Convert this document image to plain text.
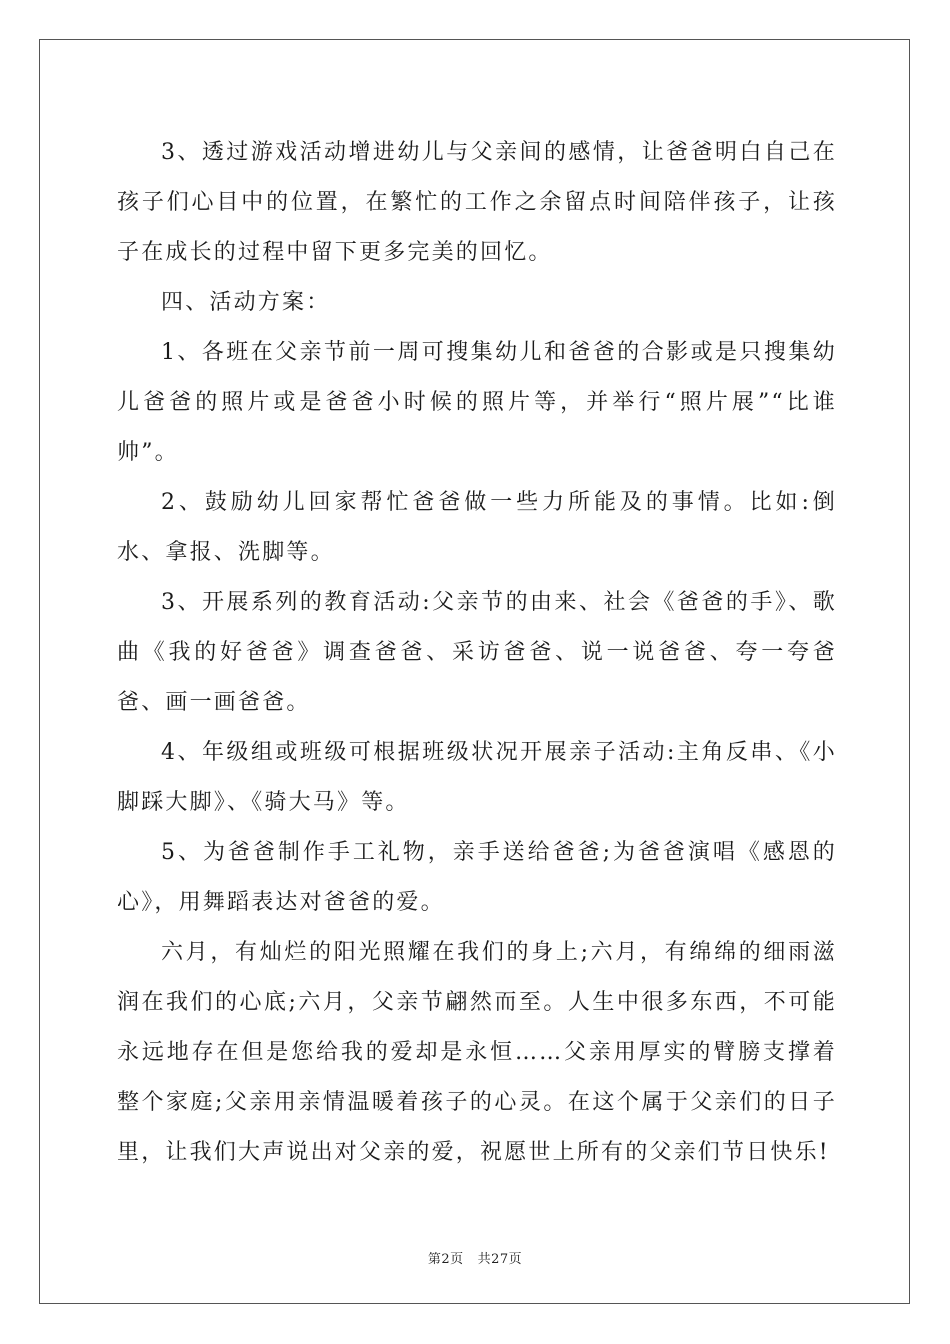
3、透过游戏活动增进幼儿与父亲间的感情，让爸爸明白自己在孩子们心目中的位置，在繁忙的工作之余留点时间陪伴孩子，让孩子在成长的过程中留下更多完美的回忆。

四、活动方案：

1、各班在父亲节前一周可搜集幼儿和爸爸的合影或是只搜集幼儿爸爸的照片或是爸爸小时候的照片等，并举行“照片展”“比谁帅”。

2、鼓励幼儿回家帮忙爸爸做一些力所能及的事情。比如:倒水、拿报、洗脚等。

3、开展系列的教育活动:父亲节的由来、社会《爸爸的手》、歌曲《我的好爸爸》调查爸爸、采访爸爸、说一说爸爸、夸一夸爸爸、画一画爸爸。

4、年级组或班级可根据班级状况开展亲子活动:主角反串、《小脚踩大脚》、《骑大马》等。

5、为爸爸制作手工礼物，亲手送给爸爸;为爸爸演唱《感恩的心》，用舞蹈表达对爸爸的爱。

六月，有灿烂的阳光照耀在我们的身上;六月，有绵绵的细雨滋润在我们的心底;六月，父亲节翩然而至。人生中很多东西，不可能永远地存在但是您给我的爱却是永恒……父亲用厚实的臂膀支撑着整个家庭;父亲用亲情温暖着孩子的心灵。在这个属于父亲们的日子里，让我们大声说出对父亲的爱，祝愿世上所有的父亲们节日快乐!

第2页 共27页
